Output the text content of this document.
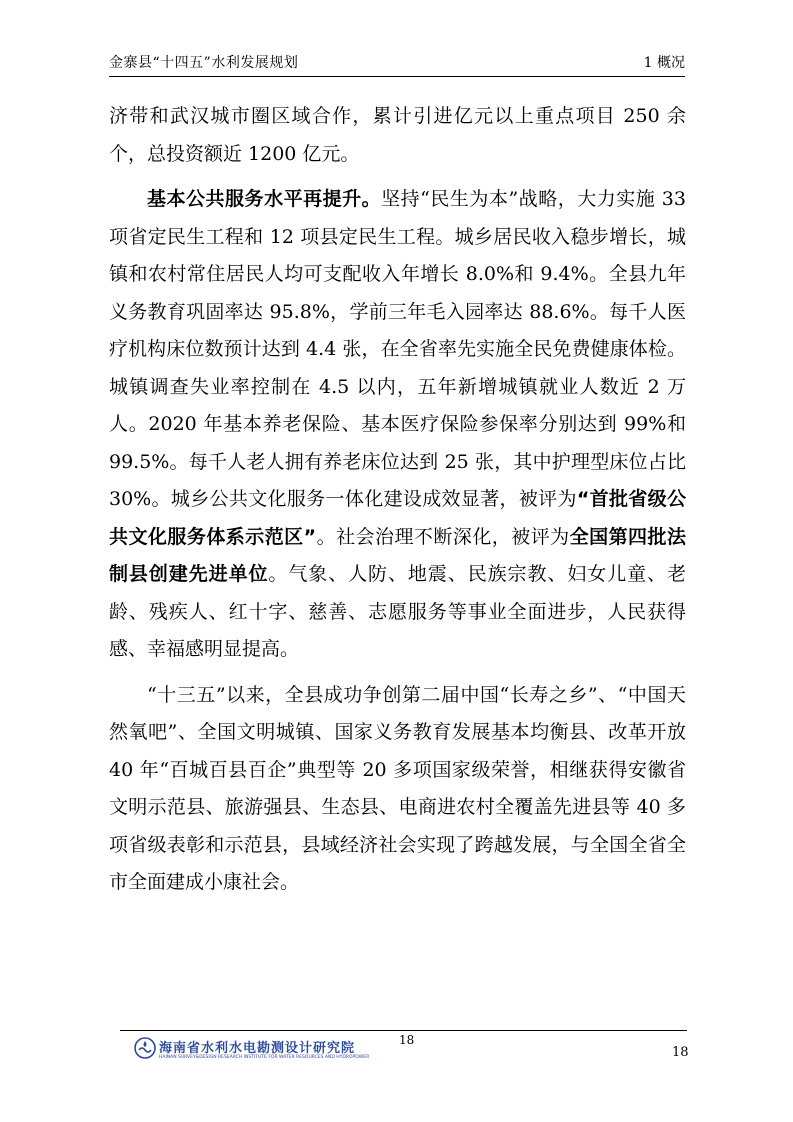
金寨县“十四五”水利发展规划	1 概况

济带和武汉城市圈区域合作，累计引进亿元以上重点项目 250 余个，总投资额近 1200 亿元。

基本公共服务水平再提升。坚持“民生为本”战略，大力实施 33 项省定民生工程和 12 项县定民生工程。城乡居民收入稳步增长，城镇和农村常住居民人均可支配收入年增长 8.0%和 9.4%。全县九年义务教育巩固率达 95.8%，学前三年毛入园率达 88.6%。每千人医疗机构床位数预计达到 4.4 张，在全省率先实施全民免费健康体检。城镇调查失业率控制在 4.5 以内，五年新增城镇就业人数近 2 万人。2020 年基本养老保险、基本医疗保险参保率分别达到 99%和 99.5%。每千人老人拥有养老床位达到 25 张，其中护理型床位占比 30%。城乡公共文化服务一体化建设成效显著，被评为“首批省级公共文化服务体系示范区”。社会治理不断深化，被评为全国第四批法制县创建先进单位。气象、人防、地震、民族宗教、妇女儿童、老龄、残疾人、红十字、慈善、志愿服务等事业全面进步，人民获得感、幸福感明显提高。

“十三五”以来，全县成功争创第二届中国“长寿之乡”、“中国天然氧吧”、全国文明城镇、国家义务教育发展基本均衡县、改革开放 40 年“百城百县百企”典型等 20 多项国家级荣誉，相继获得安徽省文明示范县、旅游强县、生态县、电商进农村全覆盖先进县等 40 多项省级表彰和示范县，县域经济社会实现了跨越发展，与全国全省全市全面建成小康社会。

海南省水利水电勘测设计研究院
HAINAN SURVEY&DESIGN RESEARCH INSTITUTE FOR WATER RESOURCES AND HYDROPOWER
18
18
